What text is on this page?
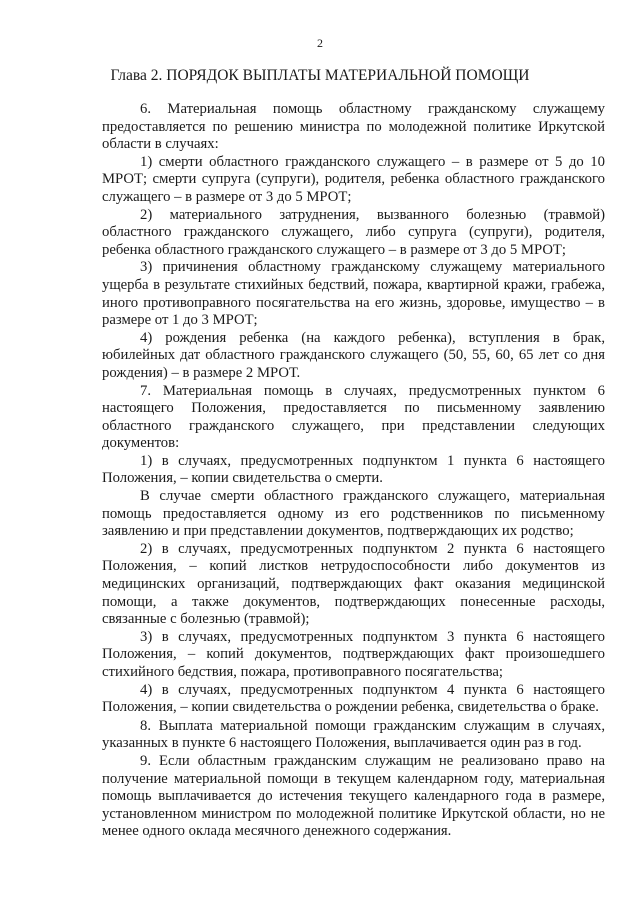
2
Глава 2. ПОРЯДОК ВЫПЛАТЫ МАТЕРИАЛЬНОЙ ПОМОЩИ

6. Материальная помощь областному гражданскому служащему предоставляется по решению министра по молодежной политике Иркутской области в случаях:

1) смерти областного гражданского служащего – в размере от 5 до 10 МРОТ; смерти супруга (супруги), родителя, ребенка областного гражданского служащего – в размере от 3 до 5 МРОТ;

2) материального затруднения, вызванного болезнью (травмой) областного гражданского служащего, либо супруга (супруги), родителя, ребенка областного гражданского служащего – в размере от 3 до 5 МРОТ;

3) причинения областному гражданскому служащему материального ущерба в результате стихийных бедствий, пожара, квартирной кражи, грабежа, иного противоправного посягательства на его жизнь, здоровье, имущество – в размере от 1 до 3 МРОТ;

4) рождения ребенка (на каждого ребенка), вступления в брак, юбилейных дат областного гражданского служащего (50, 55, 60, 65 лет со дня рождения) – в размере 2 МРОТ.

7. Материальная помощь в случаях, предусмотренных пунктом 6 настоящего Положения, предоставляется по письменному заявлению областного гражданского служащего, при представлении следующих документов:

1) в случаях, предусмотренных подпунктом 1 пункта 6 настоящего Положения, – копии свидетельства о смерти.

В случае смерти областного гражданского служащего, материальная помощь предоставляется одному из его родственников по письменному заявлению и при представлении документов, подтверждающих их родство;

2) в случаях, предусмотренных подпунктом 2 пункта 6 настоящего Положения, – копий листков нетрудоспособности либо документов из медицинских организаций, подтверждающих факт оказания медицинской помощи, а также документов, подтверждающих понесенные расходы, связанные с болезнью (травмой);

3) в случаях, предусмотренных подпунктом 3 пункта 6 настоящего Положения, – копий документов, подтверждающих факт произошедшего стихийного бедствия, пожара, противоправного посягательства;

4) в случаях, предусмотренных подпунктом 4 пункта 6 настоящего Положения, – копии свидетельства о рождении ребенка, свидетельства о браке.

8. Выплата материальной помощи гражданским служащим в случаях, указанных в пункте 6 настоящего Положения, выплачивается один раз в год.

9. Если областным гражданским служащим не реализовано право на получение материальной помощи в текущем календарном году, материальная помощь выплачивается до истечения текущего календарного года в размере, установленном министром по молодежной политике Иркутской области, но не менее одного оклада месячного денежного содержания.
